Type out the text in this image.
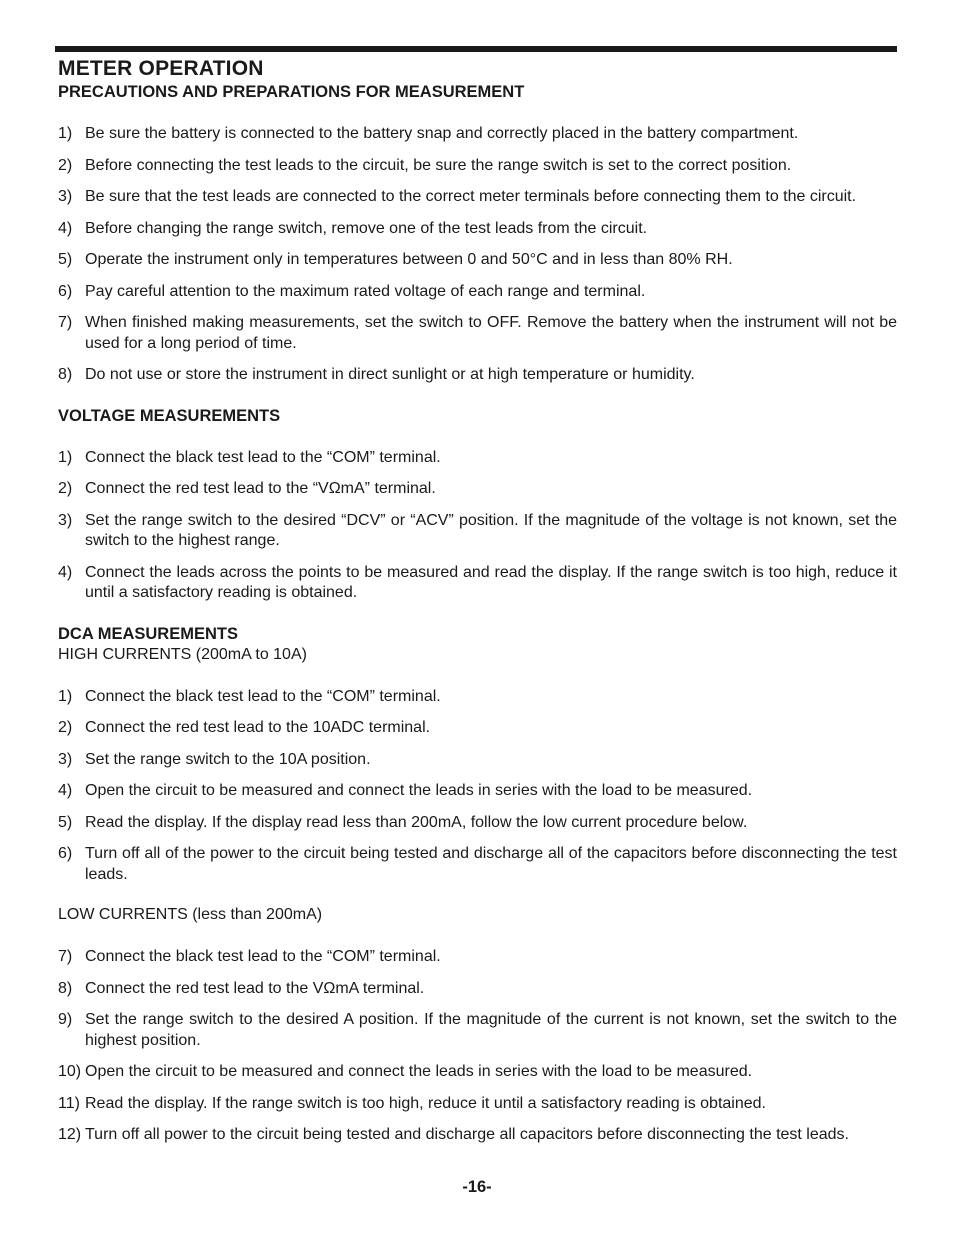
METER OPERATION
PRECAUTIONS AND PREPARATIONS FOR MEASUREMENT
1) Be sure the battery is connected to the battery snap and correctly placed in the battery compartment.
2) Before connecting the test leads to the circuit, be sure the range switch is set to the correct position.
3) Be sure that the test leads are connected to the correct meter terminals before connecting them to the circuit.
4) Before changing the range switch, remove one of the test leads from the circuit.
5) Operate the instrument only in temperatures between 0 and 50°C and in less than 80% RH.
6) Pay careful attention to the maximum rated voltage of each range and terminal.
7) When finished making measurements, set the switch to OFF. Remove the battery when the instrument will not be used for a long period of time.
8) Do not use or store the instrument in direct sunlight or at high temperature or humidity.
VOLTAGE MEASUREMENTS
1) Connect the black test lead to the “COM” terminal.
2) Connect the red test lead to the “VΩmA” terminal.
3) Set the range switch to the desired “DCV” or “ACV” position. If the magnitude of the voltage is not known, set the switch to the highest range.
4) Connect the leads across the points to be measured and read the display. If the range switch is too high, reduce it until a satisfactory reading is obtained.
DCA MEASUREMENTS
HIGH CURRENTS (200mA to 10A)
1) Connect the black test lead to the “COM” terminal.
2) Connect the red test lead to the 10ADC terminal.
3) Set the range switch to the 10A position.
4) Open the circuit to be measured and connect the leads in series with the load to be measured.
5) Read the display. If the display read less than 200mA, follow the low current procedure below.
6) Turn off all of the power to the circuit being tested and discharge all of the capacitors before disconnecting the test leads.
LOW CURRENTS (less than 200mA)
7) Connect the black test lead to the “COM” terminal.
8) Connect the red test lead to the VΩmA terminal.
9) Set the range switch to the desired A position. If the magnitude of the current is not known, set the switch to the highest position.
10) Open the circuit to be measured and connect the leads in series with the load to be measured.
11) Read the display. If the range switch is too high, reduce it until a satisfactory reading is obtained.
12) Turn off all power to the circuit being tested and discharge all capacitors before disconnecting the test leads.
-16-
